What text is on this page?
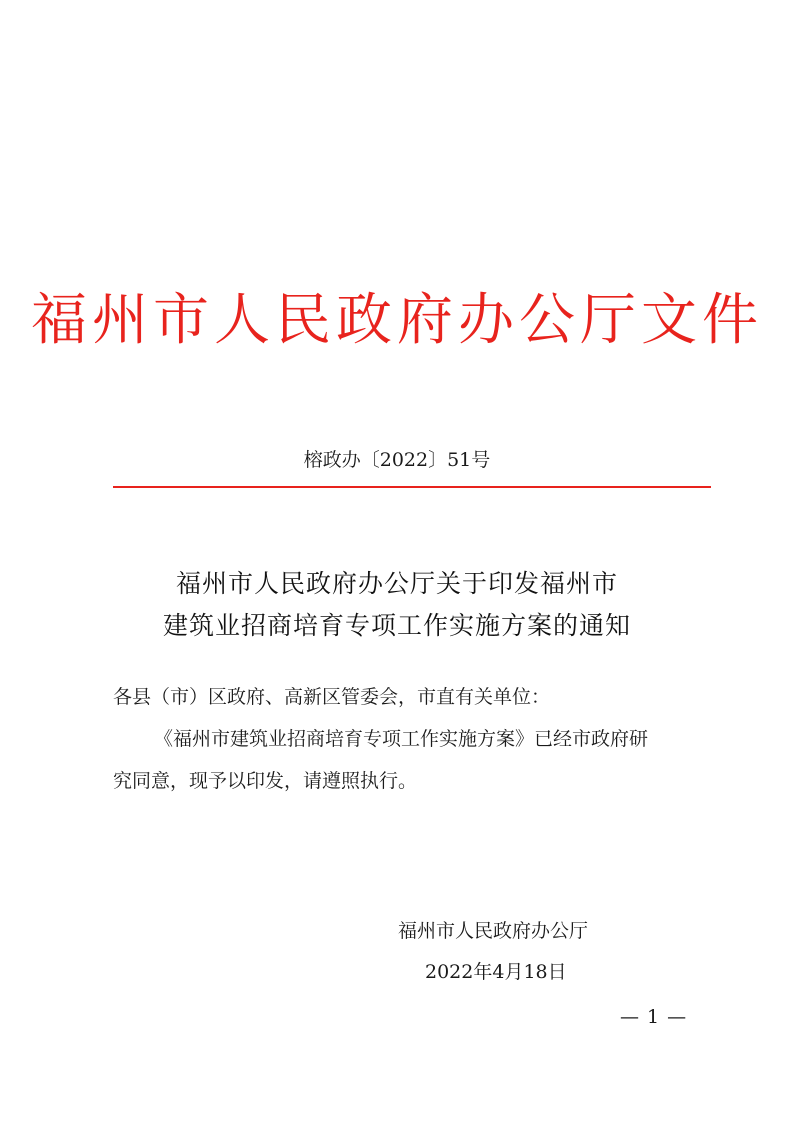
福州市人民政府办公厅文件
榕政办〔2022〕51号
福州市人民政府办公厅关于印发福州市
建筑业招商培育专项工作实施方案的通知
各县（市）区政府、高新区管委会，市直有关单位：
《福州市建筑业招商培育专项工作实施方案》已经市政府研
究同意，现予以印发，请遵照执行。
福州市人民政府办公厅
2022年4月18日
— 1 —
